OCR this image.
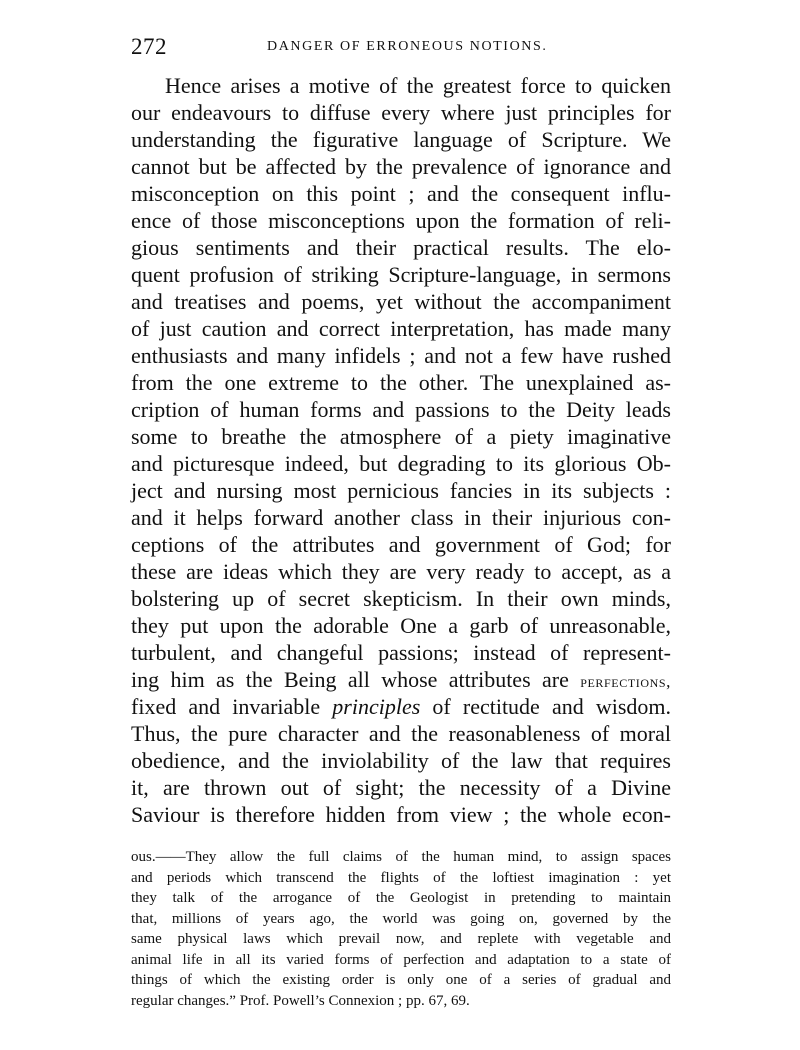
272	DANGER OF ERRONEOUS NOTIONS.
Hence arises a motive of the greatest force to quicken
our endeavours to diffuse every where just principles for
understanding the figurative language of Scripture. We
cannot but be affected by the prevalence of ignorance and
misconception on this point ; and the consequent influ-
ence of those misconceptions upon the formation of reli-
gious sentiments and their practical results. The elo-
quent profusion of striking Scripture-language, in sermons
and treatises and poems, yet without the accompaniment
of just caution and correct interpretation, has made many
enthusiasts and many infidels ; and not a few have rushed
from the one extreme to the other. The unexplained as-
cription of human forms and passions to the Deity leads
some to breathe the atmosphere of a piety imaginative
and picturesque indeed, but degrading to its glorious Ob-
ject and nursing most pernicious fancies in its subjects :
and it helps forward another class in their injurious con-
ceptions of the attributes and government of God; for
these are ideas which they are very ready to accept, as a
bolstering up of secret skepticism. In their own minds,
they put upon the adorable One a garb of unreasonable,
turbulent, and changeful passions; instead of represent-
ing him as the Being all whose attributes are perfections,
fixed and invariable principles of rectitude and wisdom.
Thus, the pure character and the reasonableness of moral
obedience, and the inviolability of the law that requires
it, are thrown out of sight; the necessity of a Divine
Saviour is therefore hidden from view ; the whole econ-
ous.——They allow the full claims of the human mind, to assign spaces
and periods which transcend the flights of the loftiest imagination : yet
they talk of the arrogance of the Geologist in pretending to maintain
that, millions of years ago, the world was going on, governed by the
same physical laws which prevail now, and replete with vegetable and
animal life in all its varied forms of perfection and adaptation to a state of
things of which the existing order is only one of a series of gradual and
regular changes.” Prof. Powell’s Connexion ; pp. 67, 69.
